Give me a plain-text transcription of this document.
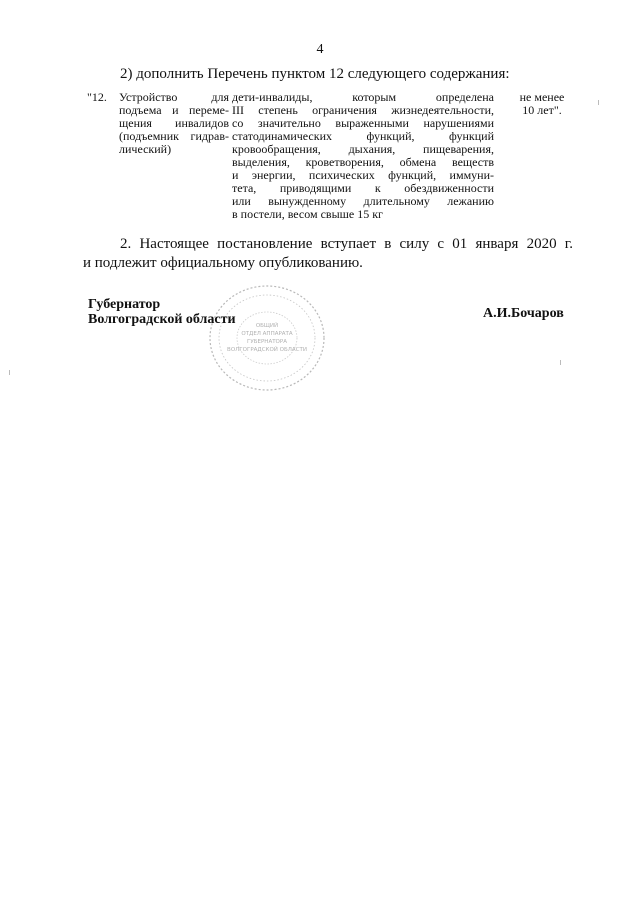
4
2) дополнить Перечень пунктом 12 следующего содержания:
"12.	Устройство для
подъема и переме-
щения инвалидов
(подъемник гидрав-
лический)
дети-инвалиды, которым определена
III степень ограничения жизнедеятельности,
со значительно выраженными нарушениями
статодинамических функций, функций
кровообращения, дыхания, пищеварения,
выделения, кроветворения, обмена веществ
и энергии, психических функций, иммуни-
тета, приводящими к обездвиженности
или вынужденному длительному лежанию
в постели, весом свыше 15 кг
не менее
10 лет".
2. Настоящее постановление вступает в силу с 01 января 2020 г.
и подлежит официальному опубликованию.
ОБЩИЙ
ОТДЕЛ АППАРАТА
ГУБЕРНАТОРА
ВОЛГОГРАДСКОЙ ОБЛАСТИ
Губернатор
Волгоградской области	А.И.Бочаров
